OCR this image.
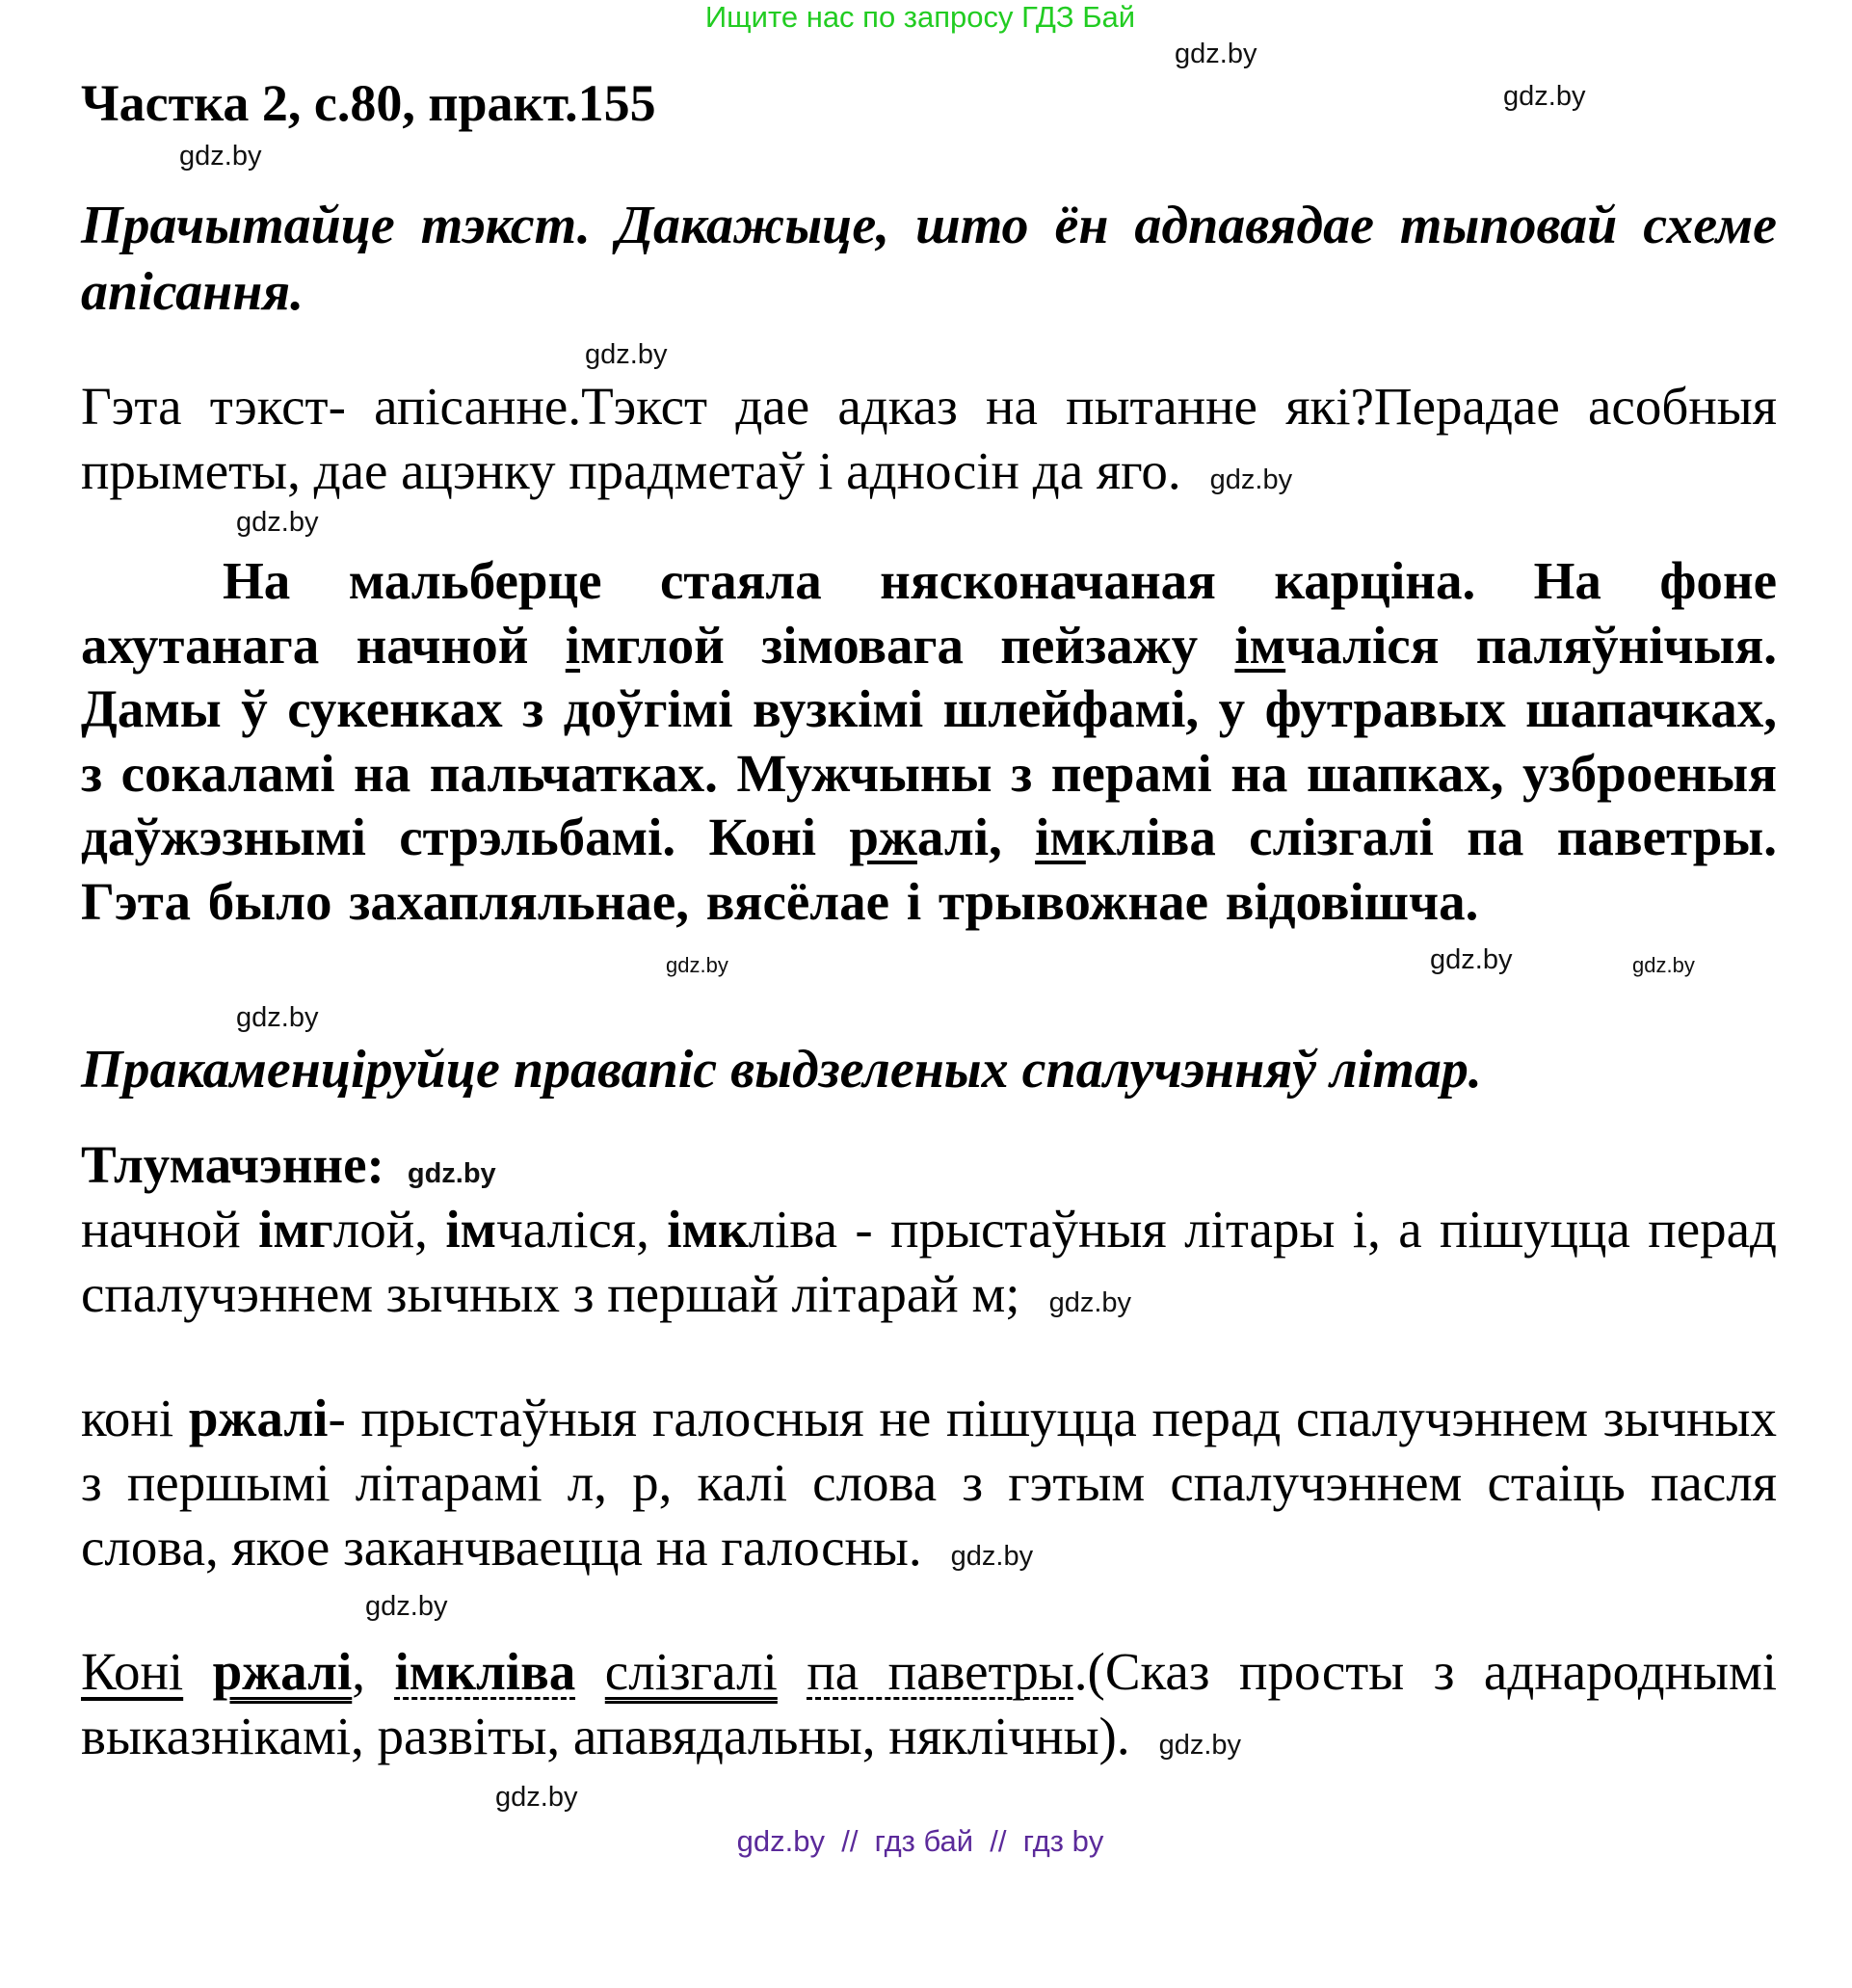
Ищите нас по запросу ГДЗ Бай
gdz.by
Частка 2, с.80, практ.155	gdz.by
gdz.by
Прачытайце тэкст. Дакажыце, што ён адпавядае тыповай схеме апісання.
gdz.by
Гэта тэкст- апісанне.Тэкст дае адказ на пытанне які?Перадае асобныя прыметы, дае ацэнку прадметаў і адносін да яго. gdz.by
gdz.by
На мальберце стаяла нясконачаная карціна. На фоне ахутанага начной імглой зімовага пейзажу імчаліся паляўнічыя. Дамы ў сукенках з доўгімі вузкімі шлейфамі, у футравых шапачках, з сокаламі на пальчатках. Мужчыны з перамі на шапках, узброеныя даўжэзнымі стрэльбамі. Коні ржалі, імкліва слізгалі па паветры. Гэта было захапляльнае, вясёлае і трывожнае відовішча.
gdz.by	gdz.by	gdz.by
gdz.by
Пракаменціруйце правапіс выдзеленых спалучэнняў літар.
Тлумачэнне: gdz.by
начной імглой, імчаліся, імкліва - прыстаўныя літары і, а пішуцца перад спалучэннем зычных з першай літарай м; gdz.by
коні ржалі- прыстаўныя галосныя не пішуцца перад спалучэннем зычных з першымі літарамі л, р, калі слова з гэтым спалучэннем стаіць пасля слова, якое заканчваецца на галосны. gdz.by
gdz.by
Коні ржалі, імкліва слізгалі па паветры.(Сказ просты з аднароднымі выказнікамі, развіты, апавядальны, няклічны). gdz.by
gdz.by
gdz.by  //  гдз бай  //  гдз by
